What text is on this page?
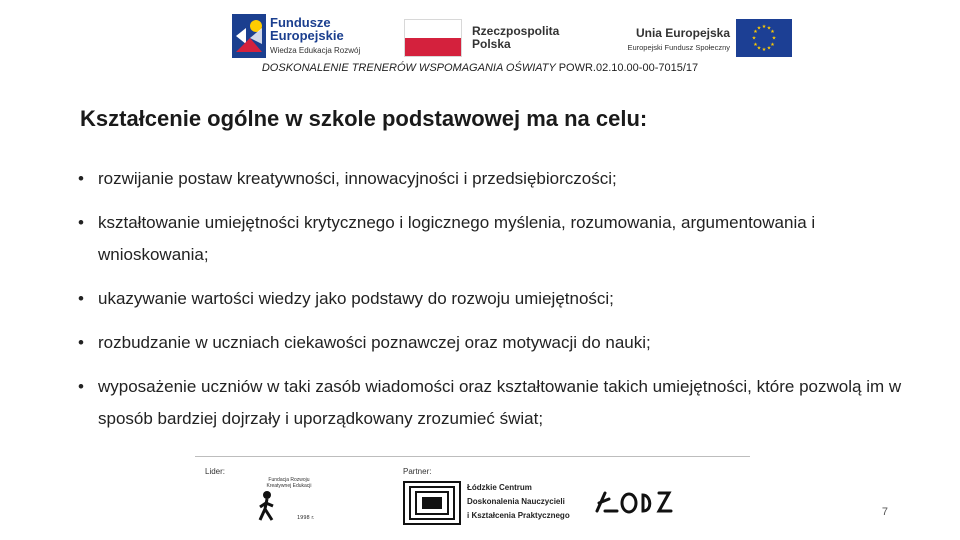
Fundusze
Europejskie
Wiedza Edukacja Rozwój
Rzeczpospolita
Polska
Unia Europejska
Europejski Fundusz Społeczny
★ ★
★
★
★
★
★
★
★
★
★
★
DOSKONALENIE TRENERÓW WSPOMAGANIA OŚWIATY POWR.02.10.00-00-7015/17
Kształcenie ogólne w szkole podstawowej ma na celu:
• rozwijanie postaw kreatywności, innowacyjności i przedsiębiorczości;
• kształtowanie umiejętności krytycznego i logicznego myślenia, rozumowania, argumentowania i wnioskowania;
• ukazywanie wartości wiedzy jako podstawy do rozwoju umiejętności;
• rozbudzanie w uczniach ciekawości poznawczej oraz motywacji do nauki;
• wyposażenie uczniów w taki zasób wiadomości oraz kształtowanie takich umiejętności, które pozwolą im w sposób bardziej dojrzały i uporządkowany zrozumieć świat;
Lider:	Partner:
Fundacja Rozwoju Kreatywnej Edukacji
1998 r.
Łódzkie Centrum
Doskonalenia Nauczycieli
i Kształcenia Praktycznego	7
